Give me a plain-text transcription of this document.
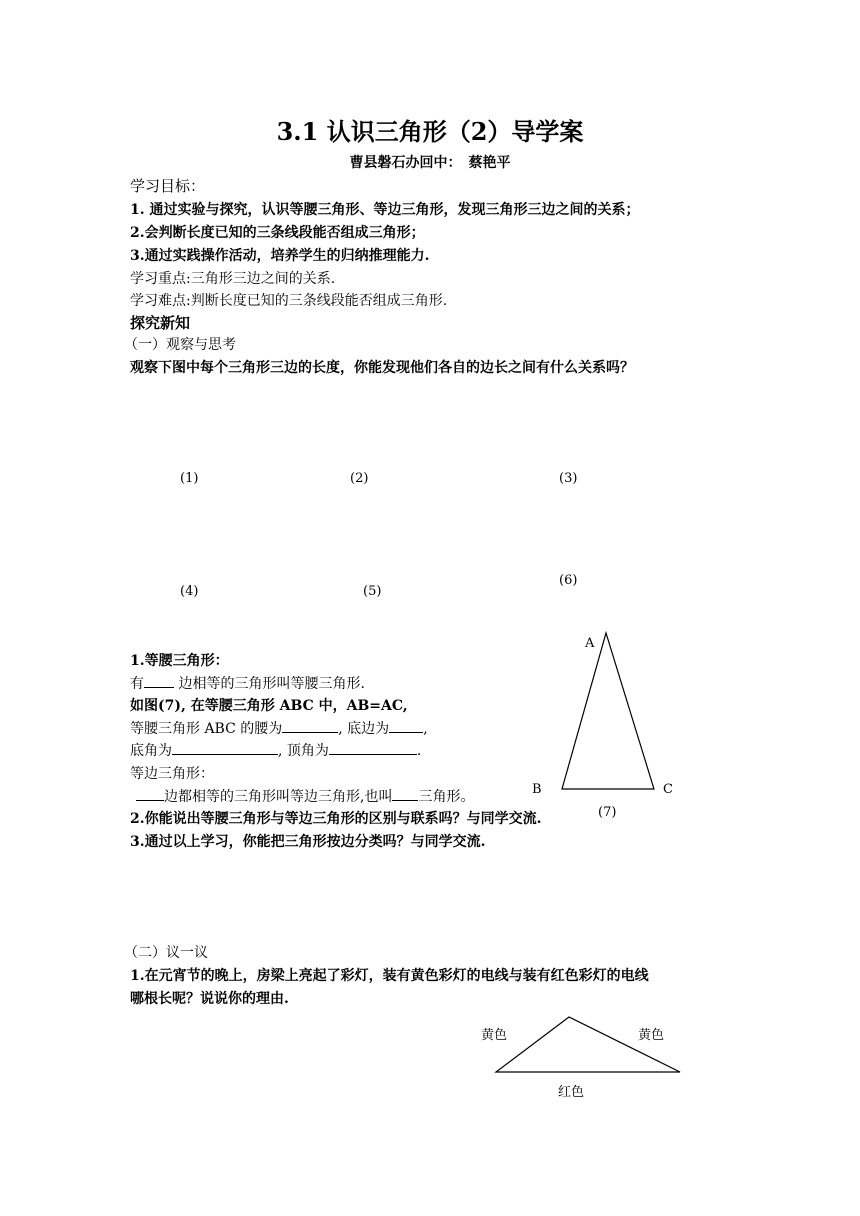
3.1 认识三角形（2）导学案
曹县磐石办回中：　蔡艳平
学习目标：
1. 通过实验与探究，认识等腰三角形、等边三角形，发现三角形三边之间的关系；
2.会判断长度已知的三条线段能否组成三角形；
3.通过实践操作活动，培养学生的归纳推理能力.
学习重点:三角形三边之间的关系.
学习难点:判断长度已知的三条线段能否组成三角形.
探究新知
（一）观察与思考
观察下图中每个三角形三边的长度，你能发现他们各自的边长之间有什么关系吗？
(1)	(2)	(3)
(4)	(5)
(6)
1.等腰三角形：
有 边相等的三角形叫等腰三角形.
如图(7), 在等腰三角形 ABC 中，AB=AC,
等腰三角形 ABC 的腰为	, 底边为 ,
底角为	, 顶角为	.
等边三角形：
边都相等的三角形叫等边三角形,也叫 三角形。
2.你能说出等腰三角形与等边三角形的区别与联系吗？与同学交流.
3.通过以上学习，你能把三角形按边分类吗？与同学交流.
（二）议一议
1.在元宵节的晚上，房梁上亮起了彩灯，装有黄色彩灯的电线与装有红色彩灯的电线
哪根长呢？说说你的理由.
A
B	C
(7)
黄色	黄色
红色
